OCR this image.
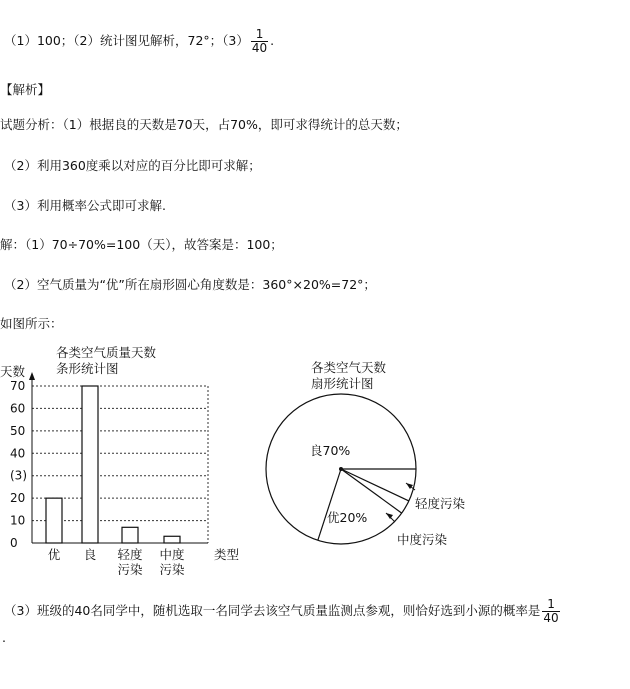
（1）100；（2）统计图见解析，72°；$(3) \frac{1}{40}$ .
【解析】
试题分析：（1）根据良的天数是70天，占70%，即可求得统计的总天数；
（2）利用360度乘以对应的百分比即可求解；
（3）利用概率公式即可求解.
解：（1）70÷70%=100（天），故答案是：100；
（2）空气质量为“优”所在扇形圆心角度数是：360°×20%=72°；
如图所示：
各类空气质量天数
条形统计图
天数
0
10
20
(3)
40
50
60
70
优 良 轻度
污染
中度
污染
类型
各类空气天数
扇形统计图
良70%
优20%
轻度污染
中度污染
（3）班级的40名同学中，随机选取一名同学去该空气质量监测点参观，则恰好选到小源的概率是 $\frac{1}{40}$
.
